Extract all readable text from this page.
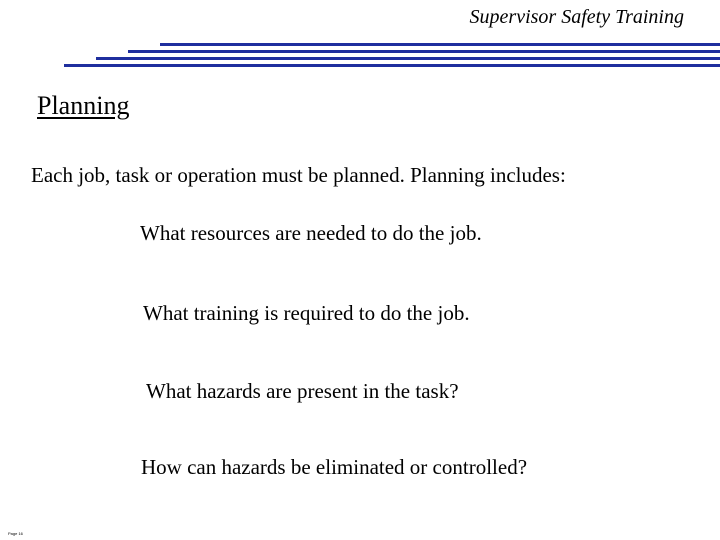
Supervisor Safety Training
Planning
Each job, task or operation must be planned. Planning includes:
What resources are needed to do the job.
What training is required to do the job.
What hazards are present in the task?
How can hazards be eliminated or controlled?
Page 16
